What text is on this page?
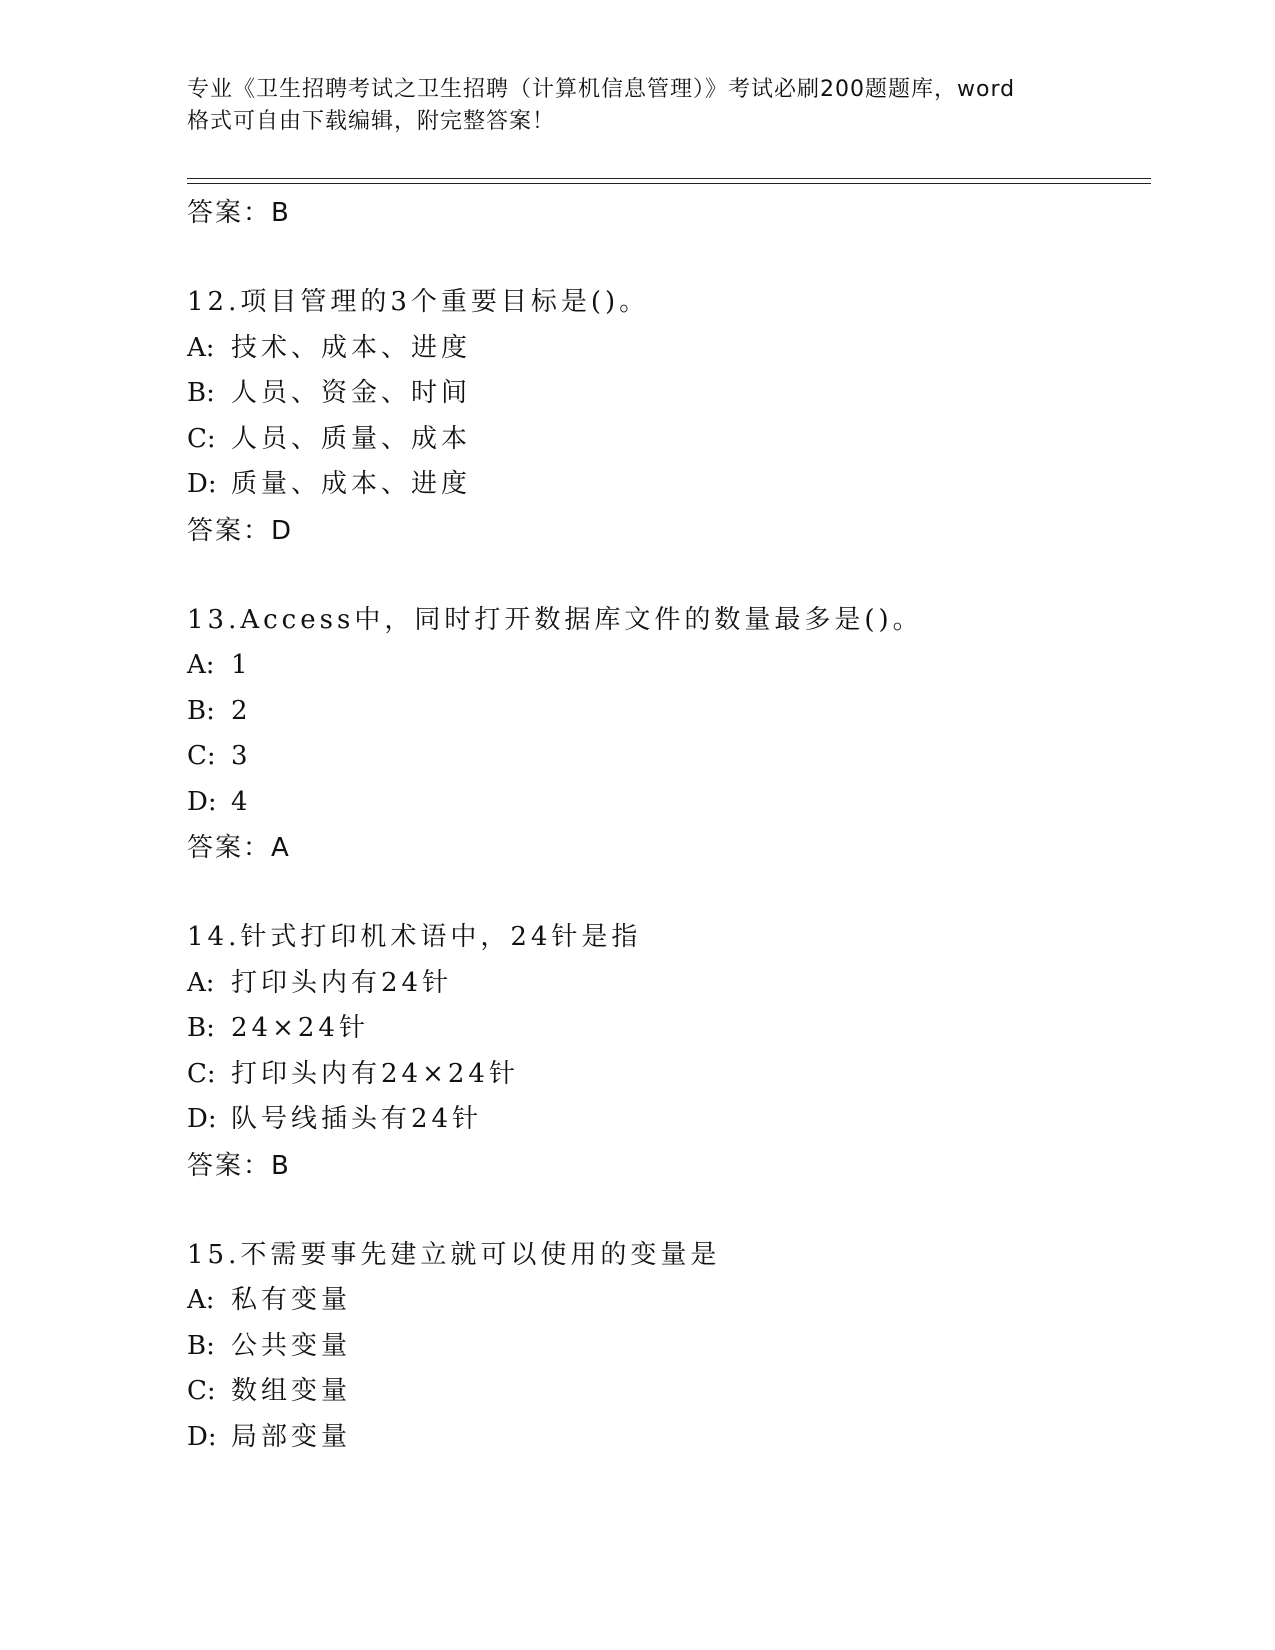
专业《卫生招聘考试之卫生招聘（计算机信息管理）》考试必刷200题题库，word
格式可自由下载编辑，附完整答案！
答案：B
12.项目管理的3个重要目标是()。
A: 技术、成本、进度
B: 人员、资金、时间
C: 人员、质量、成本
D: 质量、成本、进度
答案：D
13.Access中，同时打开数据库文件的数量最多是()。
A: 1
B: 2
C: 3
D: 4
答案：A
14.针式打印机术语中，24针是指
A: 打印头内有24针
B: 24×24针
C: 打印头内有24×24针
D: 队号线插头有24针
答案：B
15.不需要事先建立就可以使用的变量是
A: 私有变量
B: 公共变量
C: 数组变量
D: 局部变量
